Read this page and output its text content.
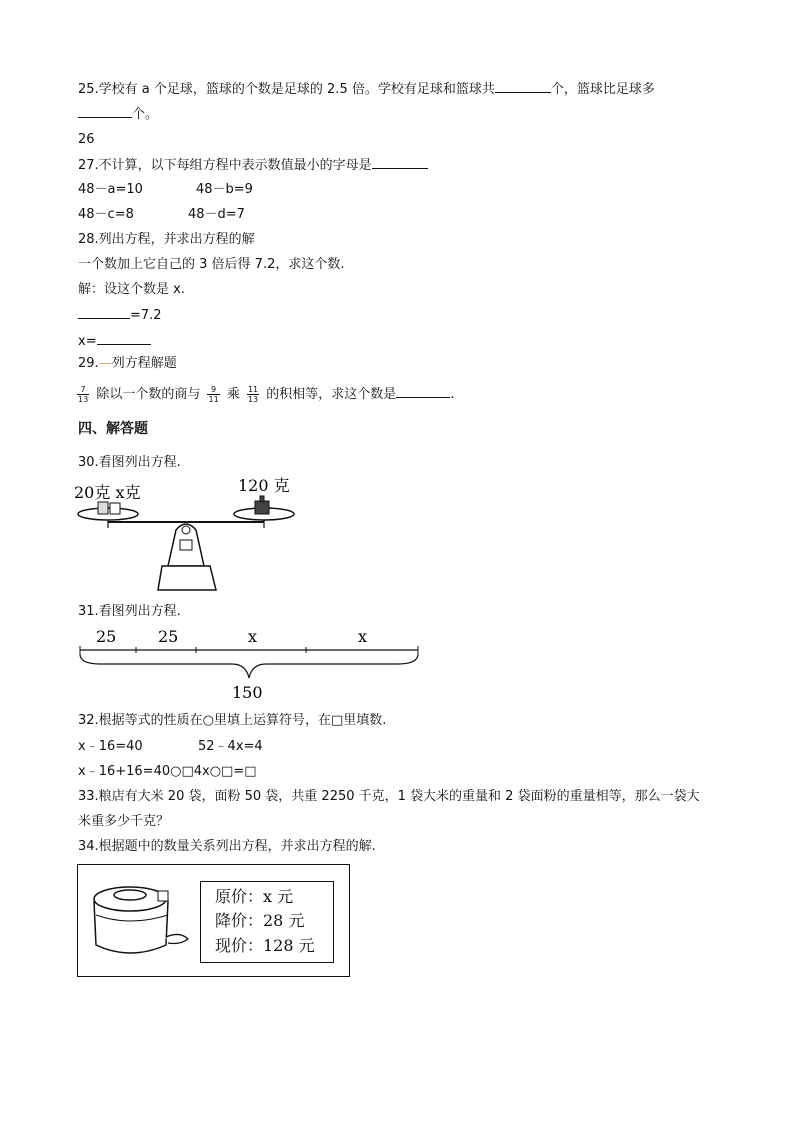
25.学校有 a 个足球，篮球的个数是足球的 2.5 倍。学校有足球和篮球共	个，篮球比足球多
个。
26
27.不计算，以下每组方程中表示数值最小的字母是
48－a=10	48－b=9
48－c=8	48－d=7
28.列出方程，并求出方程的解
一个数加上它自己的 3 倍后得 7.2，求这个数.
解：设这个数是 x.
=7.2
x=
29.—列方程解题
$\frac{7}{13}$ 除以一个数的商与 $\frac{9}{11}$ 乘 $\frac{11}{13}$ 的积相等，求这个数是	.
四、解答题
30.看图列出方程.
20克 x克	120 克
31.看图列出方程.
25	25	x	x
150
32.根据等式的性质在○里填上运算符号，在□里填数.
x﹣16=40	52﹣4x=4
x﹣16+16=40○□4x○□=□
33.粮店有大米 20 袋，面粉 50 袋，共重 2250 千克，1 袋大米的重量和 2 袋面粉的重量相等，那么一袋大
米重多少千克？
34.根据题中的数量关系列出方程，并求出方程的解.
原价：x 元
降价：28 元
现价：128 元
